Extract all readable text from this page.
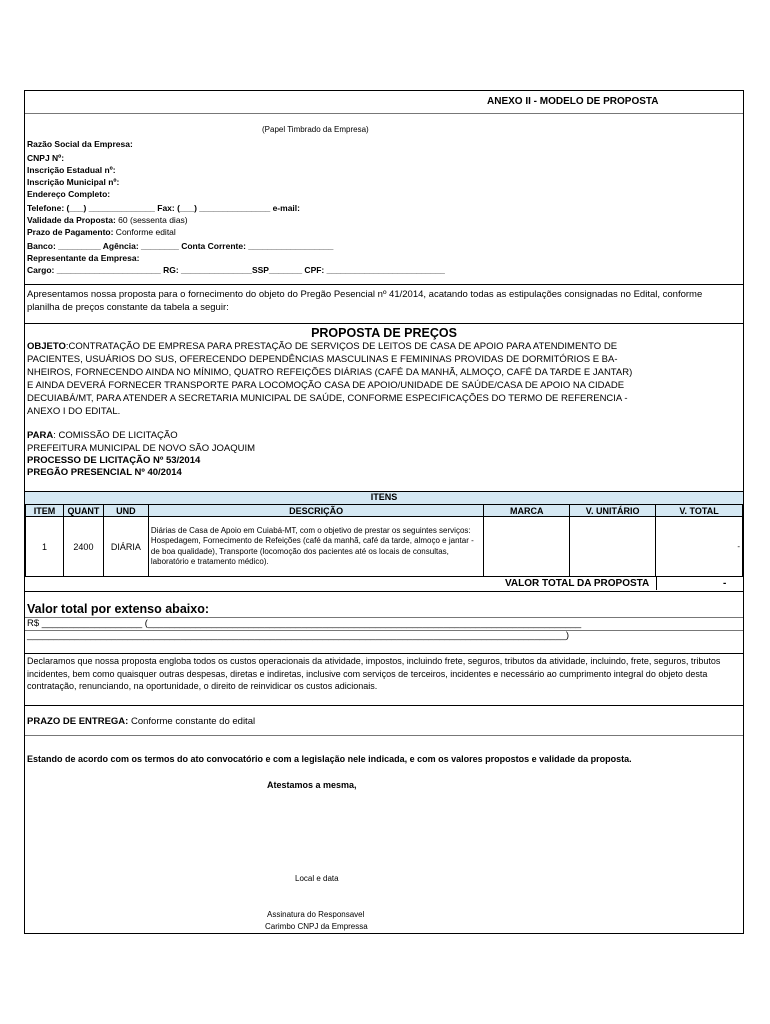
ANEXO II - MODELO DE PROPOSTA
(Papel Timbrado da Empresa)
Razão Social da Empresa:
CNPJ Nº:
Inscrição Estadual nº:
Inscrição Municipal nº:
Endereço Completo:
Telefone: (___) ______________ Fax: (___) _______________ e-mail:
Validade da Proposta: 60 (sessenta dias)
Prazo de Pagamento: Conforme edital
Banco: _________ Agência: ________ Conta Corrente: __________________
Representante da Empresa:
Cargo: ______________________ RG: _______________SSP_______ CPF: _________________________
Apresentamos nossa proposta para o fornecimento do objeto do Pregão Pesencial nº 41/2014, acatando todas as estipulações consignadas no Edital, conforme planilha de preços constante da tabela a seguir:
PROPOSTA DE PREÇOS
OBJETO:CONTRATAÇÃO DE EMPRESA PARA PRESTAÇÃO DE SERVIÇOS DE LEITOS DE CASA DE APOIO PARA ATENDIMENTO DE
PACIENTES, USUÁRIOS DO SUS, OFERECENDO DEPENDÊNCIAS MASCULINAS E FEMININAS PROVIDAS DE DORMITÓRIOS E BA-
NHEIROS, FORNECENDO AINDA NO MÍNIMO, QUATRO REFEIÇÕES DIÁRIAS (CAFÉ DA MANHÃ, ALMOÇO, CAFÉ DA TARDE E JANTAR)
E AINDA DEVERÁ FORNECER TRANSPORTE PARA LOCOMOÇÃO CASA DE APOIO/UNIDADE DE SAÚDE/CASA DE APOIO NA CIDADE
DECUIABÁ/MT, PARA ATENDER A SECRETARIA MUNICIPAL DE SAÚDE, CONFORME ESPECIFICAÇÕES DO TERMO DE REFERENCIA -
ANEXO I DO EDITAL.
PARA: COMISSÃO DE LICITAÇÃO
PREFEITURA MUNICIPAL DE NOVO SÃO JOAQUIM
PROCESSO DE LICITAÇÃO Nº 53/2014
PREGÃO PRESENCIAL Nº 40/2014
ITENS
ITEM	QUANT	UND	DESCRIÇÃO	MARCA	V. UNITÁRIO	V. TOTAL
1	2400	DIÁRIA	Diárias de Casa de Apoio em Cuiabá-MT, com o objetivo de prestar os seguintes serviços: Hospedagem, Fornecimento de Refeições (café da manhã, café da tarde, almoço e jantar - de boa qualidade), Transporte (locomoção dos pacientes até os locais de consultas, laboratório e tratamento médico).			-
VALOR TOTAL DA PROPOSTA	-
Valor total por extenso abaixo:
R$ ___________________ (__________________________________________________________________________________
______________________________________________________________________________________________________)
Declaramos que nossa proposta engloba todos os custos operacionais da atividade, impostos, incluindo frete, seguros, tributos da atividade, incluindo, frete, seguros, tributos incidentes, bem como quaisquer outras despesas, diretas e indiretas, inclusive com serviços de terceiros, incidentes e necessário ao cumprimento integral do objeto desta contratação, renunciando, na oportunidade, o direito de reinvidicar os custos adicionais.
PRAZO DE ENTREGA: Conforme constante do edital
Estando de acordo com os termos do ato convocatório e com a legislação nele indicada, e com os valores propostos e validade da proposta.
Atestamos a mesma,
Local e data
Assinatura do Responsavel
Carimbo CNPJ da Empressa
